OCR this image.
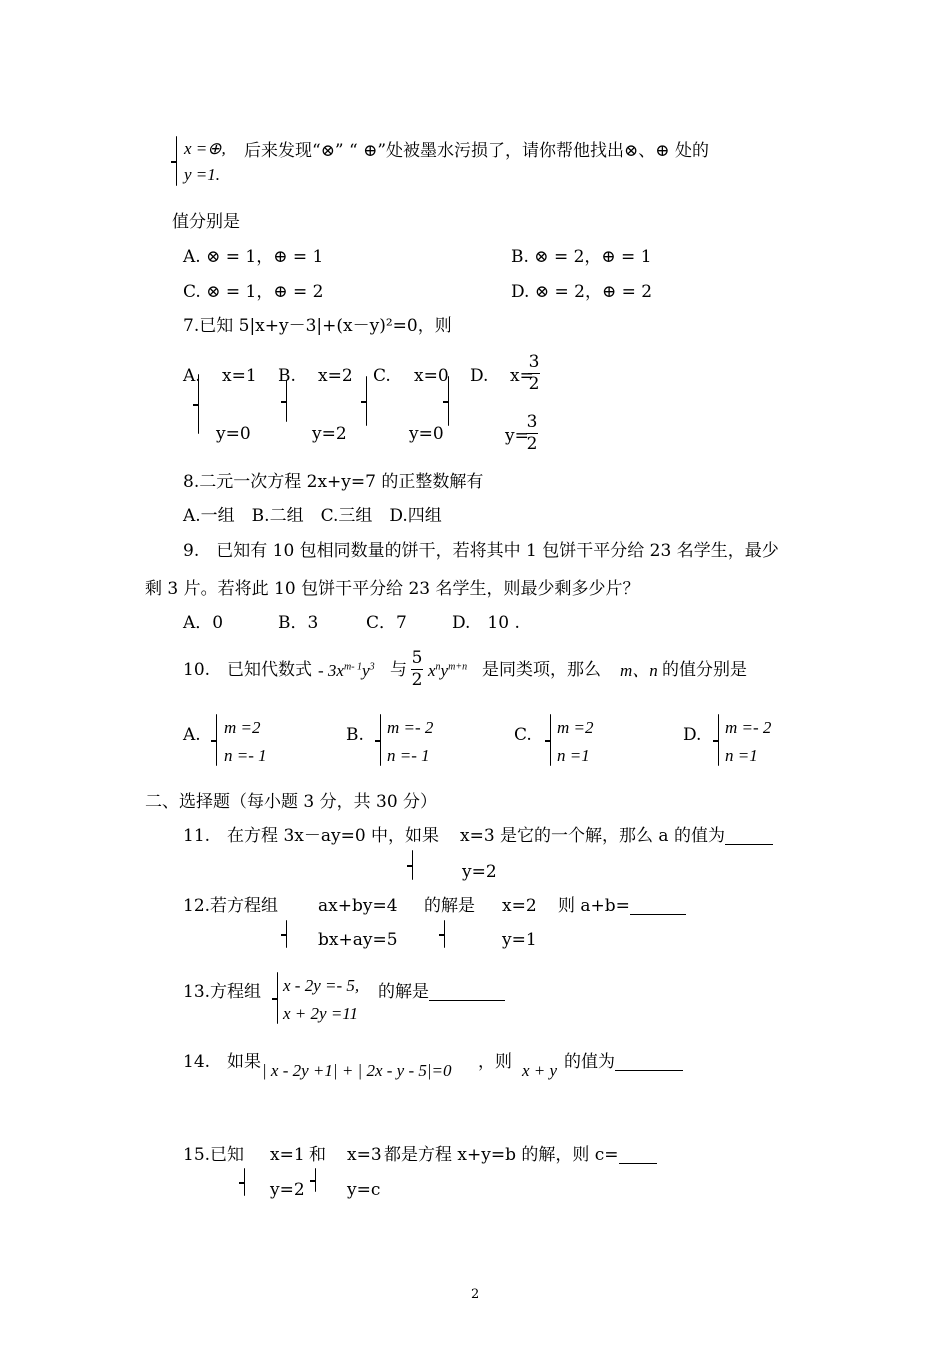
x =⊕,
y =1.
后来发现“⊗” “ ⊕”处被墨水污损了，请你帮他找出⊗、⊕ 处的
值分别是
A. ⊗ = 1，⊕ = 1	B. ⊗ = 2，⊕ = 1
C. ⊗ = 1，⊕ = 2	D. ⊗ = 2，⊕ = 2
7.已知 5|x+y－3|+(x－y)²=0，则
A. x=1
y=0
B. x=2
y=2
C. x=0
y=0
D. x=
3
2
y=
3
2
8.二元一次方程 2x+y=7 的正整数解有
A.一组　B.二组　C.三组　D.四组
9.　已知有 10 包相同数量的饼干，若将其中 1 包饼干平分给 23 名学生，最少
剩 3 片。若将此 10 包饼干平分给 23 名学生，则最少剩多少片？
A．0	B．3	C．7	D.　10 .
10.　已知代数式 - $3x^{m- 1}y^3$ 与
5
2 $x^ny^{m+n}$ 是同类项，那么 m、n 的值分别是
A. m =2
n =- 1
B. m =- 2
n =- 1
C. m =2
n =1
D. m =- 2
n =1
二、选择题（每小题 3 分，共 30 分）
11.　在方程 3x－ay=0 中，如果 x=3 是它的一个解，那么 a 的值为
y=2
12.若方程组 ax+by=4 的解是 x=2 则 a+b=
bx+ay=5	y=1
13.方程组 x - 2y =- 5,
x + 2y =11
的解是
14.　如果 | x - 2y +1| + | 2x - y - 5|=0 ，则 x + y 的值为
15.已知 x=1 和 x=3 都是方程 x+y=b 的解，则 c=
y=2 y=c
2
